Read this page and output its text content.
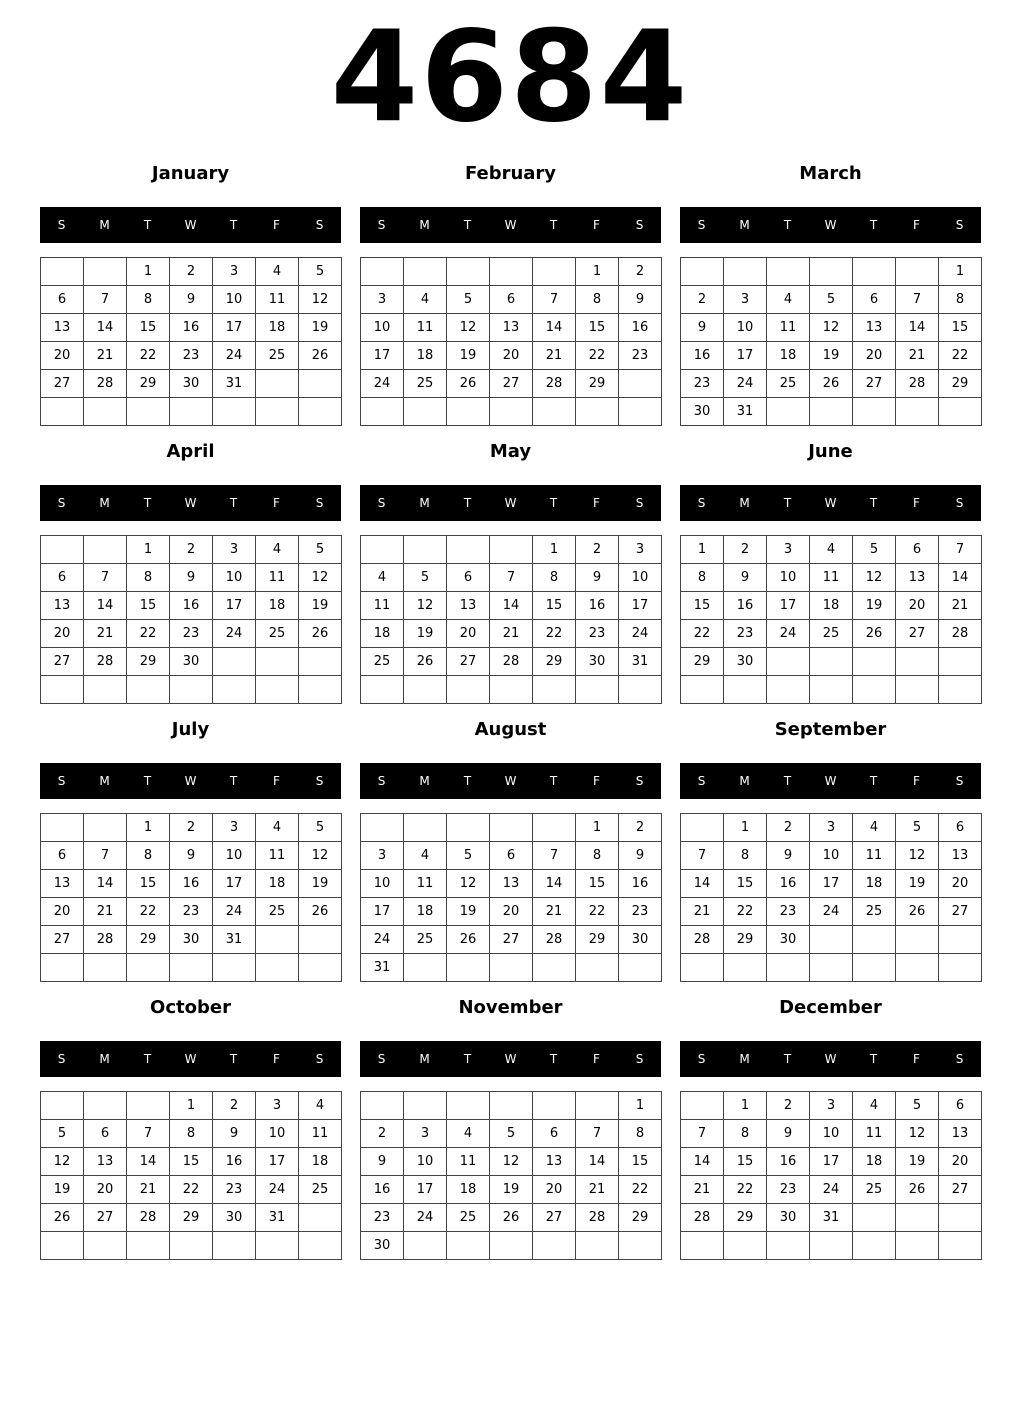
4684
January
S	M	T	W	T	F	S
		1	2	3	4	5
6	7	8	9	10	11	12
13	14	15	16	17	18	19
20	21	22	23	24	25	26
27	28	29	30	31		

February
S	M	T	W	T	F	S
					1	2
3	4	5	6	7	8	9
10	11	12	13	14	15	16
17	18	19	20	21	22	23
24	25	26	27	28	29	

March
S	M	T	W	T	F	S
						1
2	3	4	5	6	7	8
9	10	11	12	13	14	15
16	17	18	19	20	21	22
23	24	25	26	27	28	29
30	31					
April
S	M	T	W	T	F	S
		1	2	3	4	5
6	7	8	9	10	11	12
13	14	15	16	17	18	19
20	21	22	23	24	25	26
27	28	29	30			

May
S	M	T	W	T	F	S
				1	2	3
4	5	6	7	8	9	10
11	12	13	14	15	16	17
18	19	20	21	22	23	24
25	26	27	28	29	30	31

June
S	M	T	W	T	F	S
1	2	3	4	5	6	7
8	9	10	11	12	13	14
15	16	17	18	19	20	21
22	23	24	25	26	27	28
29	30					

July
S	M	T	W	T	F	S
		1	2	3	4	5
6	7	8	9	10	11	12
13	14	15	16	17	18	19
20	21	22	23	24	25	26
27	28	29	30	31		

August
S	M	T	W	T	F	S
					1	2
3	4	5	6	7	8	9
10	11	12	13	14	15	16
17	18	19	20	21	22	23
24	25	26	27	28	29	30
31						
September
S	M	T	W	T	F	S
	1	2	3	4	5	6
7	8	9	10	11	12	13
14	15	16	17	18	19	20
21	22	23	24	25	26	27
28	29	30				

October
S	M	T	W	T	F	S
			1	2	3	4
5	6	7	8	9	10	11
12	13	14	15	16	17	18
19	20	21	22	23	24	25
26	27	28	29	30	31	

November
S	M	T	W	T	F	S
						1
2	3	4	5	6	7	8
9	10	11	12	13	14	15
16	17	18	19	20	21	22
23	24	25	26	27	28	29
30						
December
S	M	T	W	T	F	S
	1	2	3	4	5	6
7	8	9	10	11	12	13
14	15	16	17	18	19	20
21	22	23	24	25	26	27
28	29	30	31			
